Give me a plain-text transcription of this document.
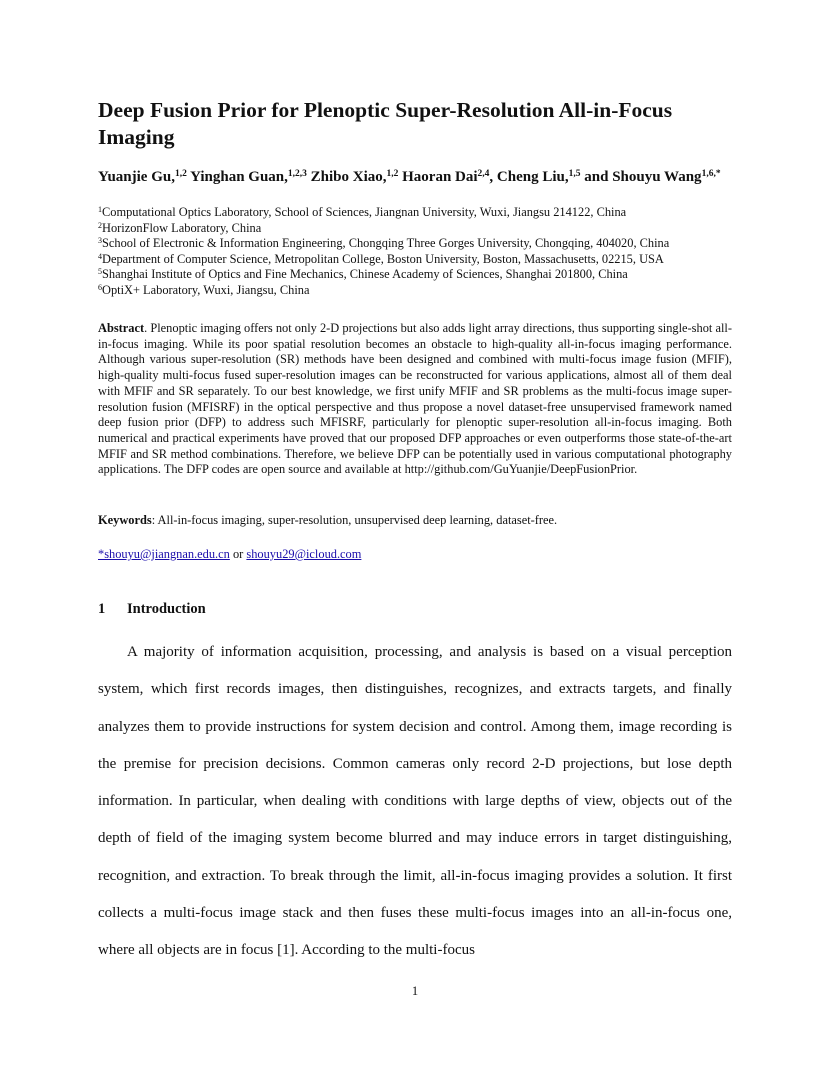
Deep Fusion Prior for Plenoptic Super-Resolution All-in-Focus Imaging
Yuanjie Gu,$^{1,2}$ Yinghan Guan,$^{1,2,3}$ Zhibo Xiao,$^{1,2}$ Haoran Dai$^{2,4}$, Cheng Liu,$^{1,5}$ and Shouyu Wang$^{1,6,*}$
$^1$Computational Optics Laboratory, School of Sciences, Jiangnan University, Wuxi, Jiangsu 214122, China
$^2$HorizonFlow Laboratory, China
$^3$School of Electronic & Information Engineering, Chongqing Three Gorges University, Chongqing, 404020, China
$^4$Department of Computer Science, Metropolitan College, Boston University, Boston, Massachusetts, 02215, USA
$^5$Shanghai Institute of Optics and Fine Mechanics, Chinese Academy of Sciences, Shanghai 201800, China
$^6$OptiX+ Laboratory, Wuxi, Jiangsu, China

Abstract. Plenoptic imaging offers not only 2-D projections but also adds light array directions, thus supporting single-shot all-in-focus imaging. While its poor spatial resolution becomes an obstacle to high-quality all-in-focus imaging performance. Although various super-resolution (SR) methods have been designed and combined with multi-focus image fusion (MFIF), high-quality multi-focus fused super-resolution images can be reconstructed for various applications, almost all of them deal with MFIF and SR separately. To our best knowledge, we first unify MFIF and SR problems as the multi-focus image super-resolution fusion (MFISRF) in the optical perspective and thus propose a novel dataset-free unsupervised framework named deep fusion prior (DFP) to address such MFISRF, particularly for plenoptic super-resolution all-in-focus imaging. Both numerical and practical experiments have proved that our proposed DFP approaches or even outperforms those state-of-the-art MFIF and SR method combinations. Therefore, we believe DFP can be potentially used in various computational photography applications. The DFP codes are open source and available at http://github.com/GuYuanjie/DeepFusionPrior.

Keywords: All-in-focus imaging, super-resolution, unsupervised deep learning, dataset-free.

*shouyu@jiangnan.edu.cn or shouyu29@icloud.com

1 Introduction

A majority of information acquisition, processing, and analysis is based on a visual perception system, which first records images, then distinguishes, recognizes, and extracts targets, and finally analyzes them to provide instructions for system decision and control. Among them, image recording is the premise for precision decisions. Common cameras only record 2-D projections, but lose depth information. In particular, when dealing with conditions with large depths of view, objects out of the depth of field of the imaging system become blurred and may induce errors in target distinguishing, recognition, and extraction. To break through the limit, all-in-focus imaging provides a solution. It first collects a multi-focus image stack and then fuses these multi-focus images into an all-in-focus one, where all objects are in focus [1]. According to the multi-focus

1
